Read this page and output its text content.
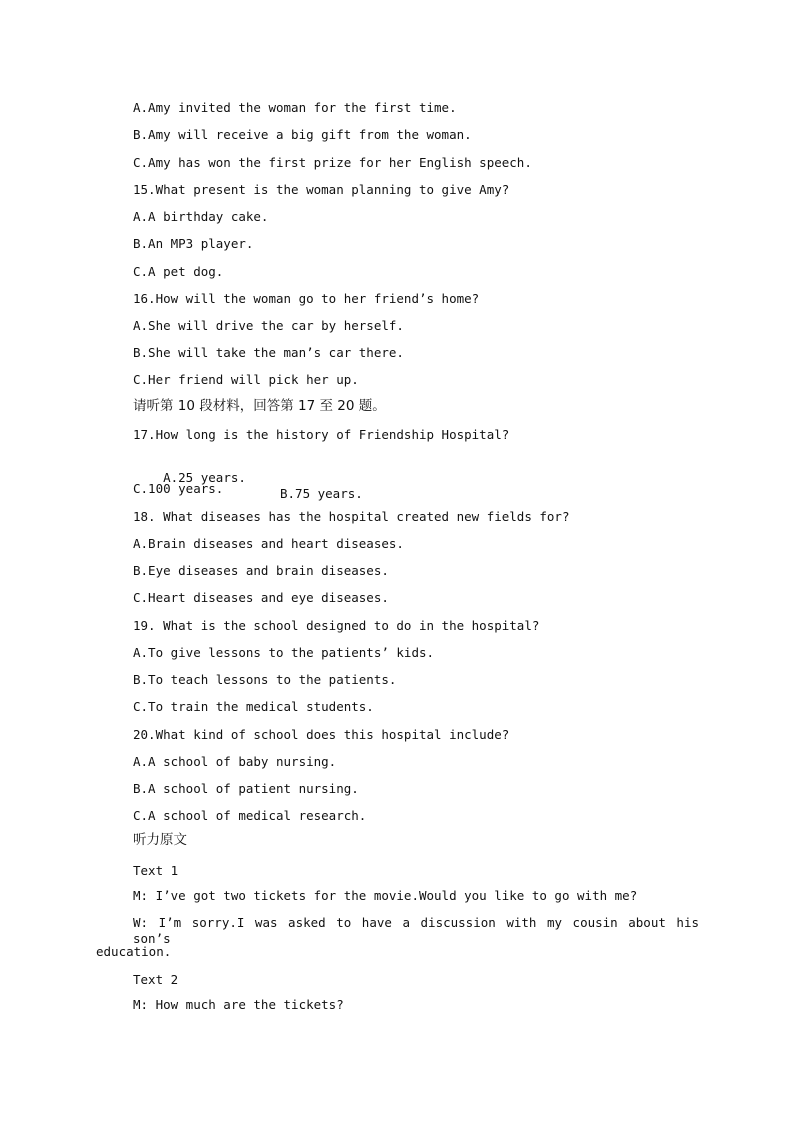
A.Amy invited the woman for the first time.
B.Amy will receive a big gift from the woman.
C.Amy has won the first prize for her English speech.
15.What present is the woman planning to give Amy?
A.A birthday cake.
B.An MP3 player.
C.A pet dog.
16.How will the woman go to her friend’s home?
A.She will drive the car by herself.
B.She will take the man’s car there.
C.Her friend will pick her up.
请听第 10 段材料，回答第 17 至 20 题。
17.How long is the history of Friendship Hospital?

A.25 years.

B.75 years.

C.100 years.
18. What diseases has the hospital created new fields for?
A.Brain diseases and heart diseases.
B.Eye diseases and brain diseases.
C.Heart diseases and eye diseases.
19. What is the school designed to do in the hospital?
A.To give lessons to the patients’ kids.
B.To teach lessons to the patients.
C.To train the medical students.
20.What kind of school does this hospital include?
A.A school of baby nursing.
B.A school of patient nursing.
C.A school of medical research.
听力原文
Text 1
M: I’ve got two tickets for the movie.Would you like to go with me?
W: I’m sorry.I was asked to have a discussion with my cousin about his son’s
education.
Text 2
M: How much are the tickets?
